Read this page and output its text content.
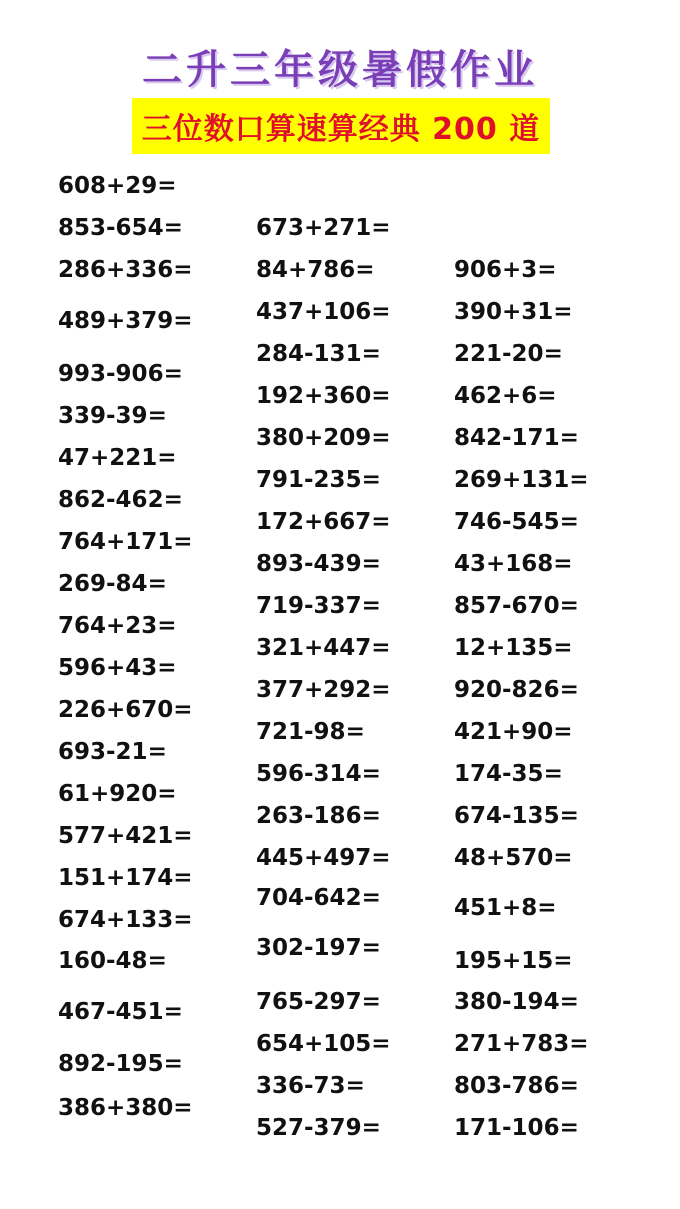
二升三年级暑假作业
三位数口算速算经典 200 道
608+29=
853-654=
286+336=
489+379=
993-906=
339-39=
47+221=
862-462=
764+171=
269-84=
764+23=
596+43=
226+670=
693-21=
61+920=
577+421=
151+174=
674+133=
160-48=
467-451=
892-195=
386+380=
673+271=
84+786=
437+106=
284-131=
192+360=
380+209=
791-235=
172+667=
893-439=
719-337=
321+447=
377+292=
721-98=
596-314=
263-186=
445+497=
704-642=
302-197=
765-297=
654+105=
336-73=
527-379=
906+3=
390+31=
221-20=
462+6=
842-171=
269+131=
746-545=
43+168=
857-670=
12+135=
920-826=
421+90=
174-35=
674-135=
48+570=
451+8=
195+15=
380-194=
271+783=
803-786=
171-106=
